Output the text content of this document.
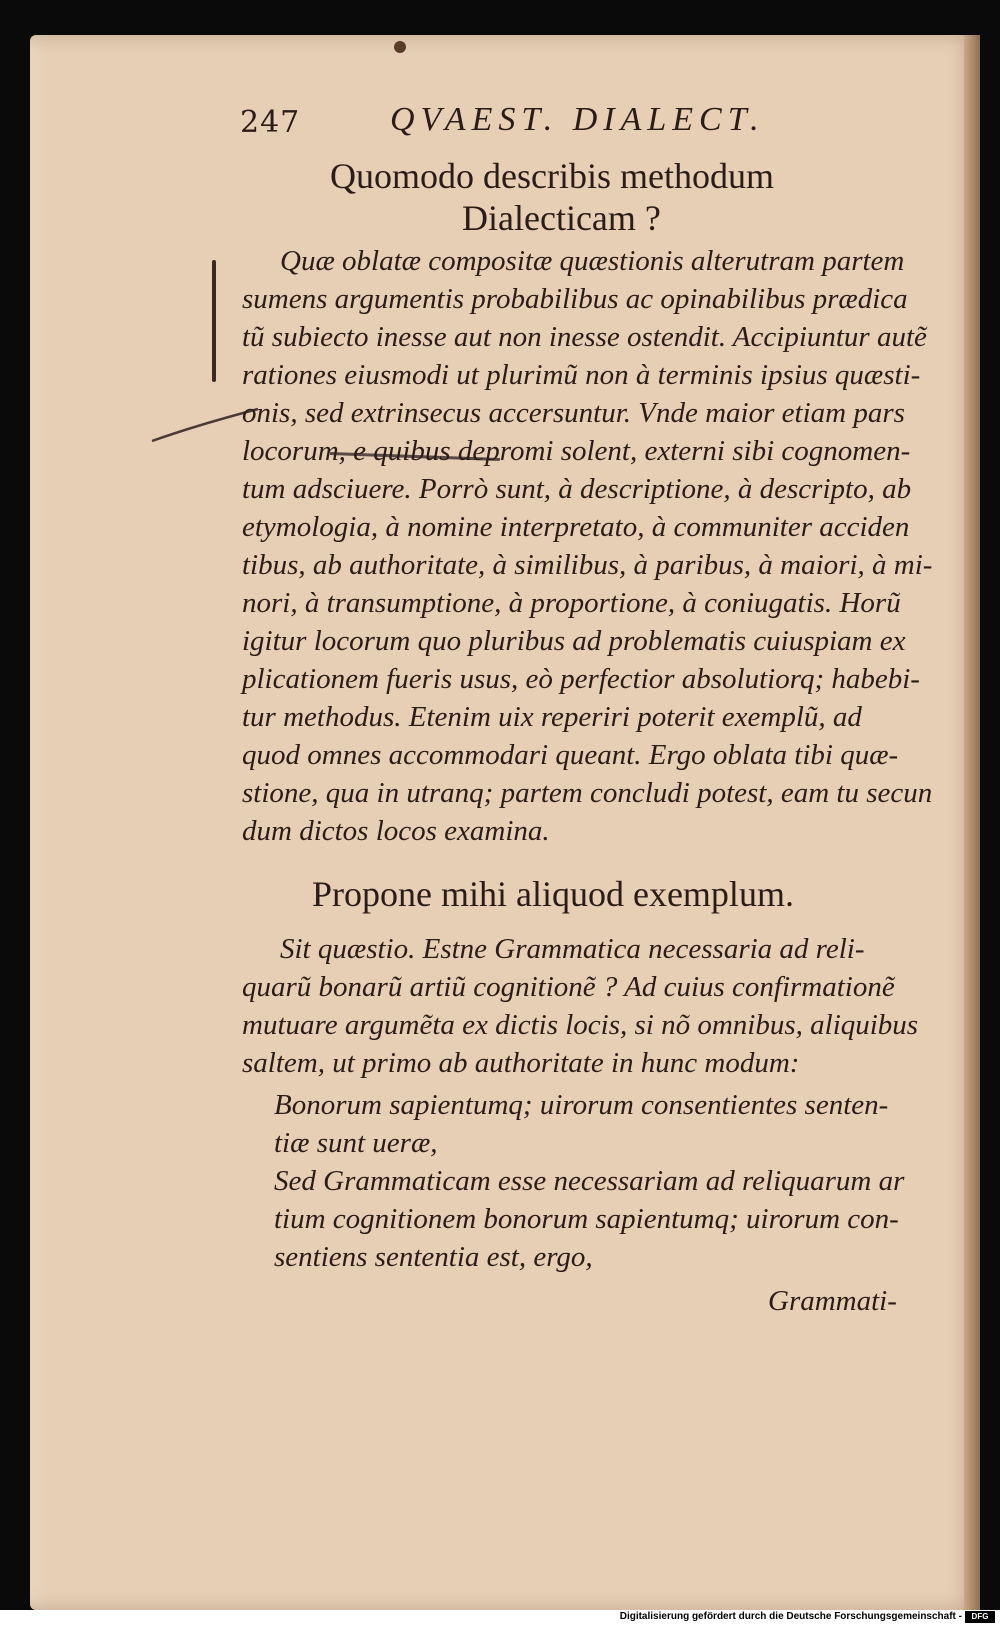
247	QVAEST. DIALECT.
Quomodo describis methodum
Dialecticam ?
Quæ oblatæ compositæ quæstionis alterutram partem
sumens argumentis probabilibus ac opinabilibus prædica
tũ subiecto inesse aut non inesse ostendit. Accipiuntur autẽ
rationes eiusmodi ut plurimũ non à terminis ipsius quæsti-
onis, sed extrinsecus accersuntur. Vnde maior etiam pars
locorum, e quibus depromi solent, externi sibi cognomen-
tum adsciuere. Porrò sunt, à descriptione, à descripto, ab
etymologia, à nomine interpretato, à communiter acciden
tibus, ab authoritate, à similibus, à paribus, à maiori, à mi-
nori, à transumptione, à proportione, à coniugatis. Horũ
igitur locorum quo pluribus ad problematis cuiuspiam ex
plicationem fueris usus, eò perfectior absolutiorq; habebi-
tur methodus. Etenim uix reperiri poterit exemplũ, ad
quod omnes accommodari queant. Ergo oblata tibi quæ-
stione, qua in utranq; partem concludi potest, eam tu secun
dum dictos locos examina.
Propone mihi aliquod exemplum.
Sit quæstio. Estne Grammatica necessaria ad reli-
quarũ bonarũ artiũ cognitionẽ ? Ad cuius confirmationẽ
mutuare argumẽta ex dictis locis, si nõ omnibus, aliquibus
saltem, ut primo ab authoritate in hunc modum:
Bonorum sapientumq; uirorum consentientes senten-
tiæ sunt ueræ,
Sed Grammaticam esse necessariam ad reliquarum ar
tium cognitionem bonorum sapientumq; uirorum con-
sentiens sententia est, ergo,
Grammati-
Digitalisierung gefördert durch die Deutsche Forschungsgemeinschaft -	DFG
